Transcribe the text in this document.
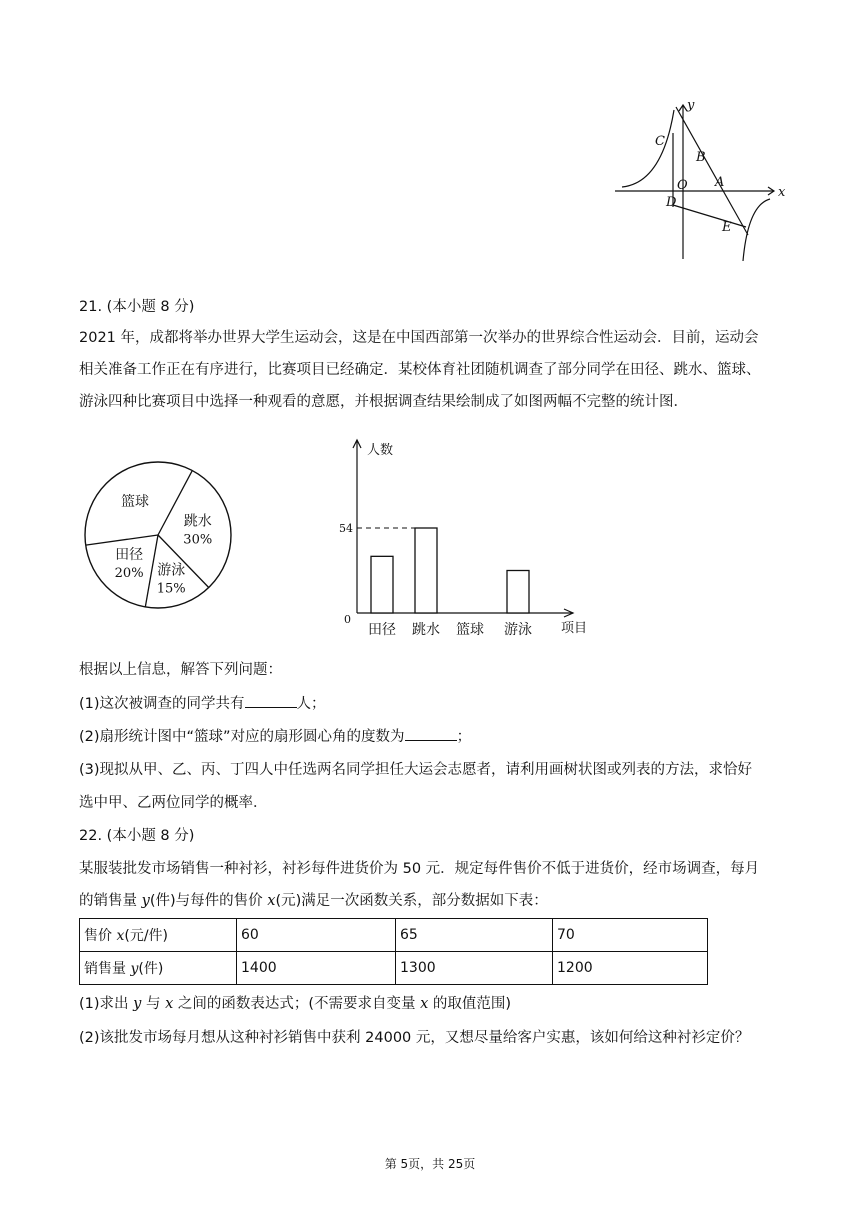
y
x
C
B
O A
D
E
21. (本小题 8 分)
2021 年，成都将举办世界大学生运动会，这是在中国西部第一次举办的世界综合性运动会．目前，运动会
相关准备工作正在有序进行，比赛项目已经确定．某校体育社团随机调查了部分同学在田径、跳水、篮球、
游泳四种比赛项目中选择一种观看的意愿，并根据调查结果绘制成了如图两幅不完整的统计图．
篮球
田径
20% 游泳
15%
跳水
30%
人数
项目
0
54
田径 跳水 篮球 游泳
根据以上信息，解答下列问题：
(1)这次被调查的同学共有	人；
(2)扇形统计图中“篮球”对应的扇形圆心角的度数为	；
(3)现拟从甲、乙、丙、丁四人中任选两名同学担任大运会志愿者，请利用画树状图或列表的方法，求恰好
选中甲、乙两位同学的概率．
22. (本小题 8 分)
某服装批发市场销售一种衬衫，衬衫每件进货价为 50 元．规定每件售价不低于进货价，经市场调查，每月
的销售量 y(件)与每件的售价 x(元)满足一次函数关系，部分数据如下表：
售价 x(元/件)	60	65	70
销售量 y(件)	1400	1300	1200
(1)求出 y 与 x 之间的函数表达式；(不需要求自变量 x 的取值范围)
(2)该批发市场每月想从这种衬衫销售中获利 24000 元，又想尽量给客户实惠，该如何给这种衬衫定价？
第 5页，共 25页
